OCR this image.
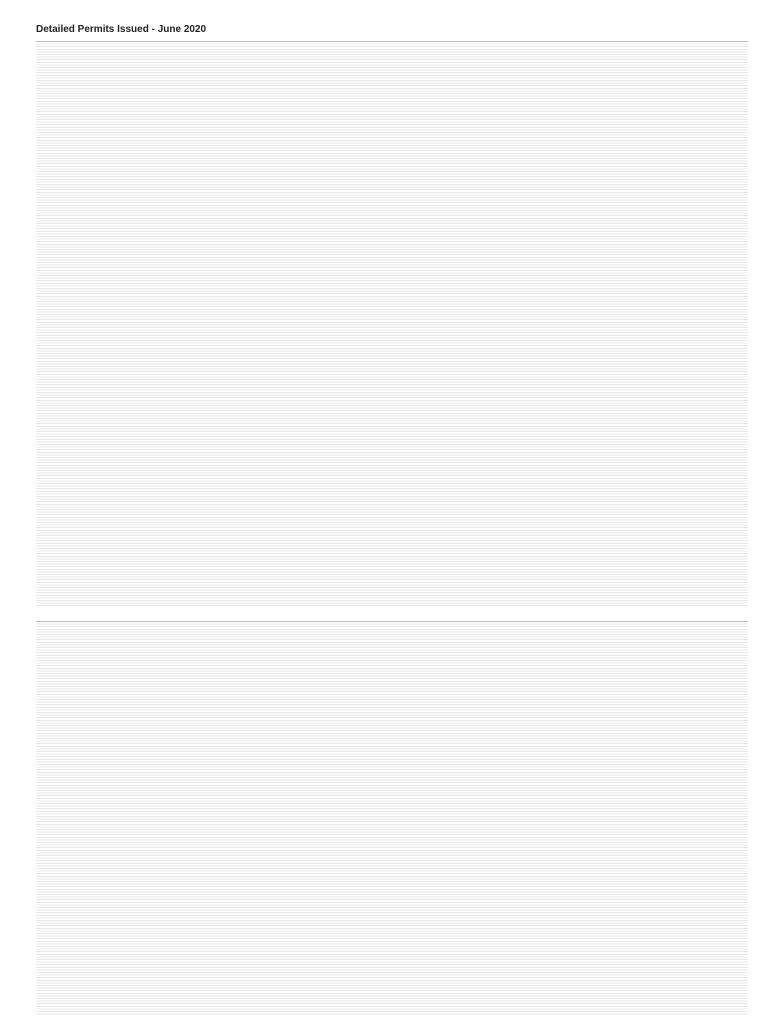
Detailed Permits Issued - June 2020
